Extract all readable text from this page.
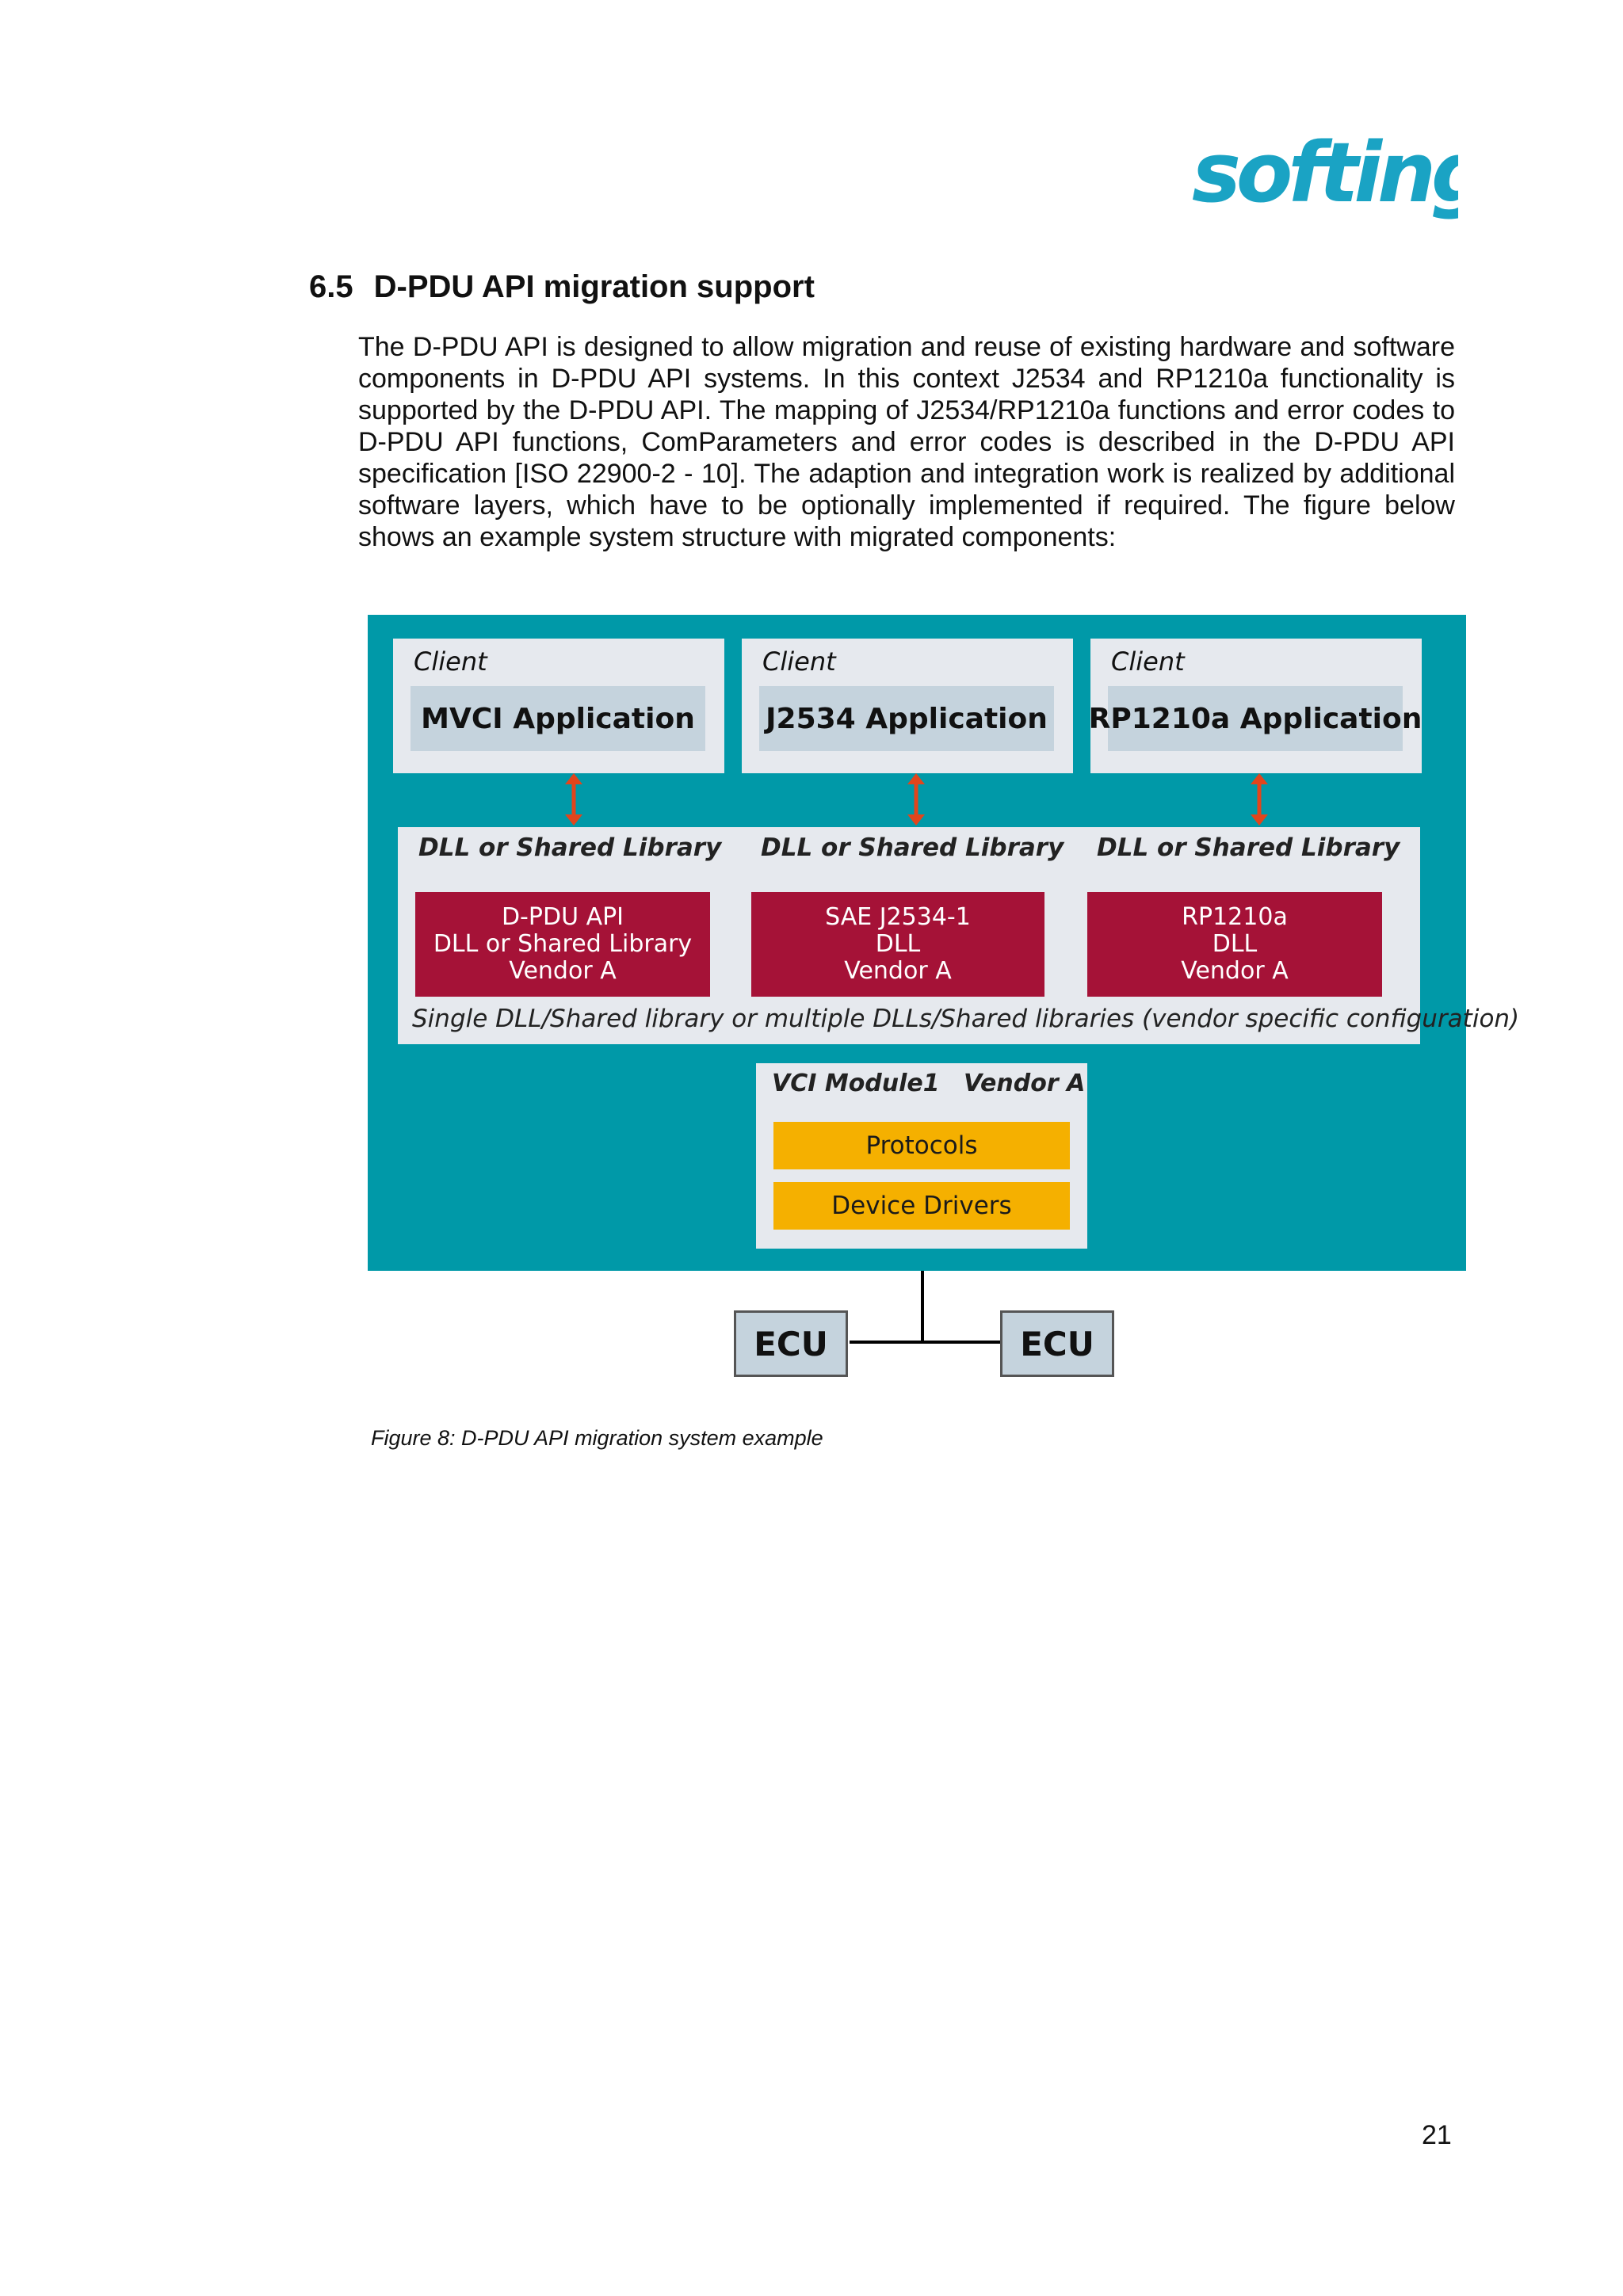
softing
6.5 D-PDU API migration support
The D-PDU API is designed to allow migration and reuse of existing hardware and software components in D-PDU API systems. In this context J2534 and RP1210a functionality is supported by the D-PDU API. The mapping of J2534/RP1210a functions and error codes to D-PDU API functions, ComParameters and error codes is described in the D-PDU API specification [ISO 22900-2 - 10]. The adaption and integration work is realized by additional software layers, which have to be optionally implemented if required. The figure below shows an example system structure with migrated components:
Client
MVCI Application
Client
J2534 Application
Client
RP1210a Application
DLL or Shared Library DLL or Shared Library DLL or Shared Library
D-PDU API
DLL or Shared Library
Vendor A
SAE J2534-1
DLL
Vendor A
RP1210a
DLL
Vendor A
Single DLL/Shared library or multiple DLLs/Shared libraries (vendor specific configuration)
VCI Module1 Vendor A
Protocols
Device Drivers
ECU	ECU
Figure 8: D-PDU API migration system example
21
